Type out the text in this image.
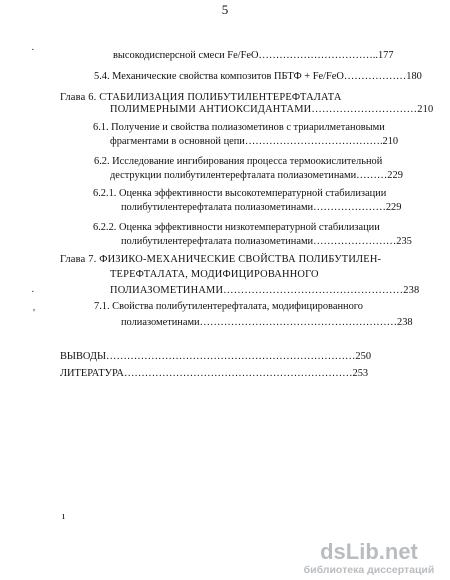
5
высокодисперсной смеси Fe/FeO……………………………..177
5.4. Механические свойства композитов ПБТФ + Fe/FeO………………180
Глава 6. СТАБИЛИЗАЦИЯ ПОЛИБУТИЛЕНТЕРЕФТАЛАТА
ПОЛИМЕРНЫМИ АНТИОКСИДАНТАМИ…………………………210
6.1. Получение и свойства полиазометинов с триарилметановыми
фрагментами в основной цепи………………………………….210
6.2. Исследование ингибирования процесса термоокислительной
деструкции полибутилентерефталата полиазометинами………229
6.2.1. Оценка эффективности высокотемпературной стабилизации
полибутилентерефталата полиазометинами…………………229
6.2.2. Оценка эффективности низкотемпературной стабилизации
полибутилентерефталата полиазометинами……………………235
Глава 7. ФИЗИКО-МЕХАНИЧЕСКИЕ СВОЙСТВА ПОЛИБУТИЛЕН-
ТЕРЕФТАЛАТА, МОДИФИЦИРОВАННОГО
ПОЛИАЗОМЕТИНАМИ……………………………………………238
7.1. Свойства полибутилентерефталата, модифицированного
полиазометинами…………………………………………………238
ВЫВОДЫ………………………………………………………………250
ЛИТЕРАТУРА…………………………………………………………253
·
·
'
ı
dsLib.net
библиотека диссертаций
